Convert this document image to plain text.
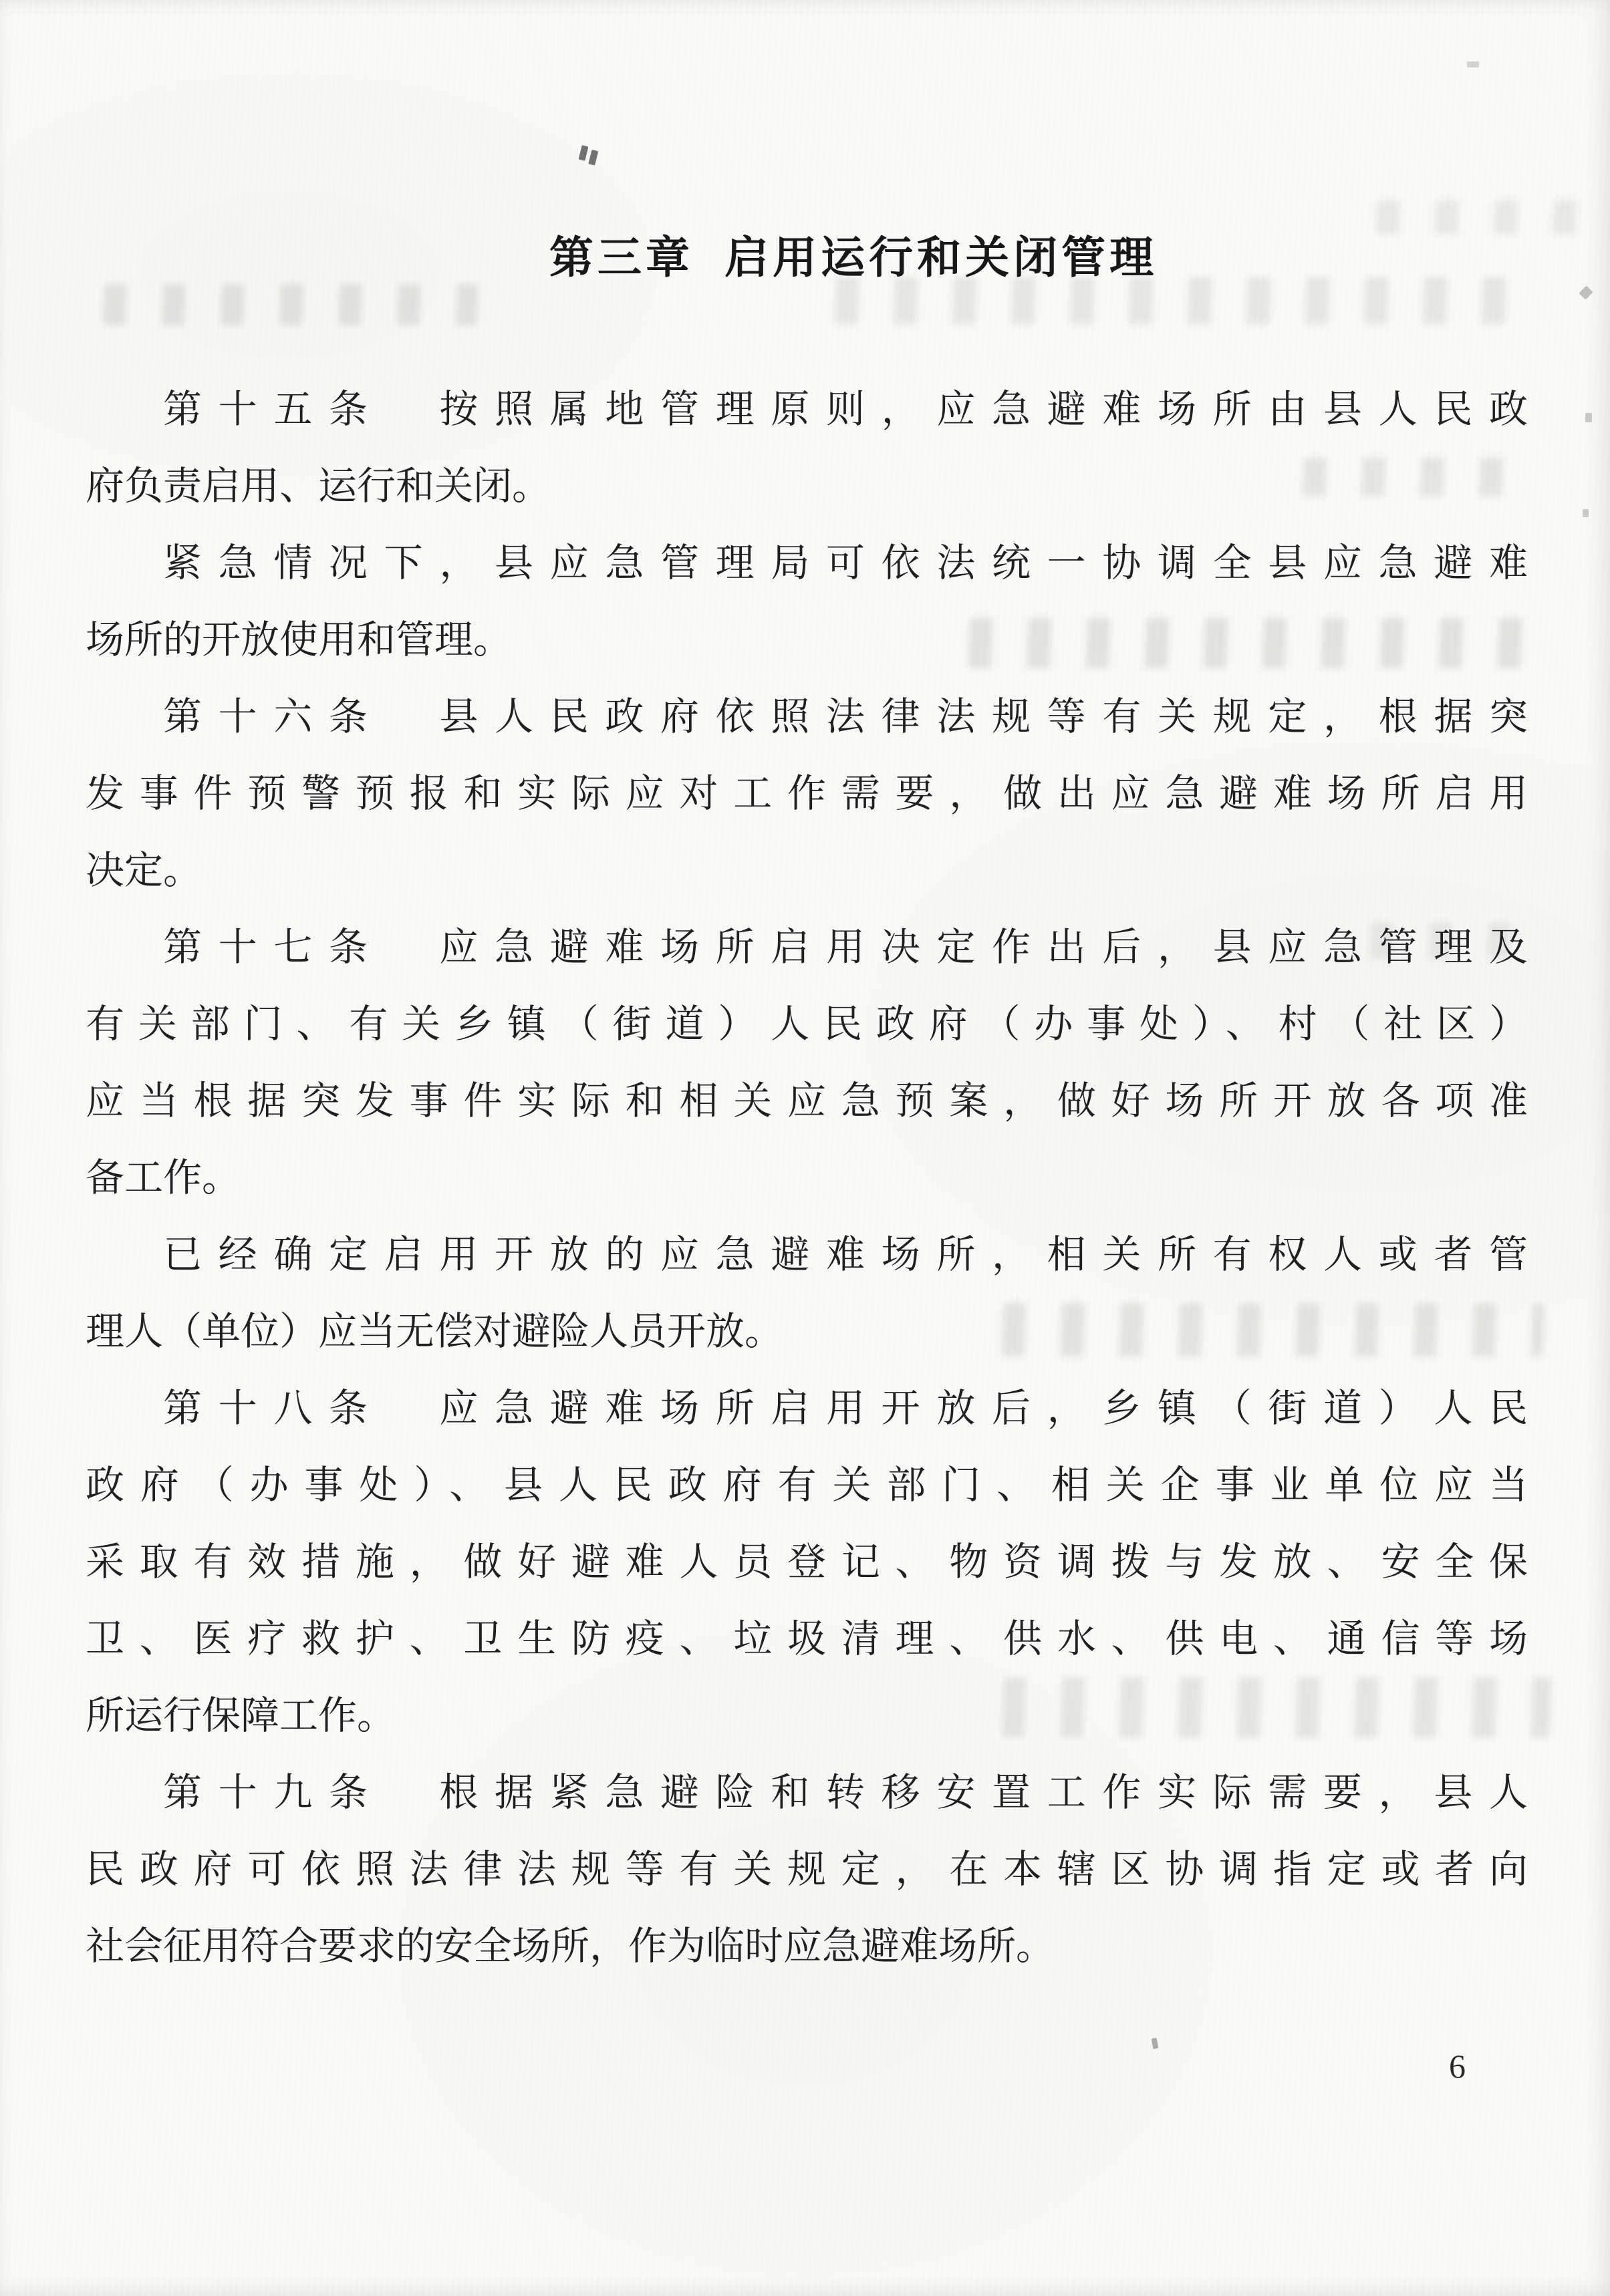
第三章 启用运行和关闭管理
第十五条　按照属地管理原则，应急避难场所由县人民政
府负责启用、运行和关闭。
紧急情况下，县应急管理局可依法统一协调全县应急避难
场所的开放使用和管理。
第十六条　县人民政府依照法律法规等有关规定，根据突
发事件预警预报和实际应对工作需要，做出应急避难场所启用
决定。
第十七条　应急避难场所启用决定作出后，县应急管理及
有关部门、有关乡镇（街道）人民政府（办事处）、村（社区）
应当根据突发事件实际和相关应急预案，做好场所开放各项准
备工作。
已经确定启用开放的应急避难场所，相关所有权人或者管
理人（单位）应当无偿对避险人员开放。
第十八条　应急避难场所启用开放后，乡镇（街道）人民
政府（办事处）、县人民政府有关部门、相关企事业单位应当
采取有效措施，做好避难人员登记、物资调拨与发放、安全保
卫、医疗救护、卫生防疫、垃圾清理、供水、供电、通信等场
所运行保障工作。
第十九条　根据紧急避险和转移安置工作实际需要，县人
民政府可依照法律法规等有关规定，在本辖区协调指定或者向
社会征用符合要求的安全场所，作为临时应急避难场所。
6
